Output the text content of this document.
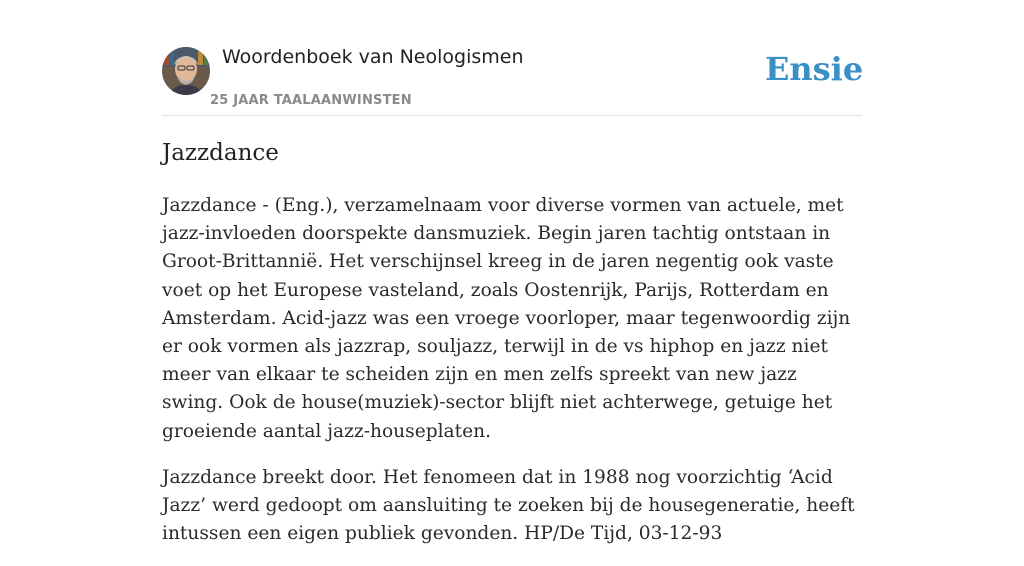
Woordenboek van Neologismen
25 JAAR TAALAANWINSTEN
Ensie
Jazzdance

Jazzdance - (Eng.), verzamelnaam voor diverse vormen van actuele, met jazz-invloeden doorspekte dansmuziek. Begin jaren tachtig ontstaan in Groot-Brittannië. Het verschijnsel kreeg in de jaren negentig ook vaste voet op het Europese vasteland, zoals Oostenrijk, Parijs, Rotterdam en Amsterdam. Acid-jazz was een vroege voorloper, maar tegenwoordig zijn er ook vormen als jazzrap, souljazz, terwijl in de vs hiphop en jazz niet meer van elkaar te scheiden zijn en men zelfs spreekt van new jazz swing. Ook de house(muziek)-sector blijft niet achterwege, getuige het groeiende aantal jazz-houseplaten.

Jazzdance breekt door. Het fenomeen dat in 1988 nog voorzichtig ‘Acid Jazz’ werd gedoopt om aansluiting te zoeken bij de housegeneratie, heeft intussen een eigen publiek gevonden. HP/De Tijd, 03-12-93
